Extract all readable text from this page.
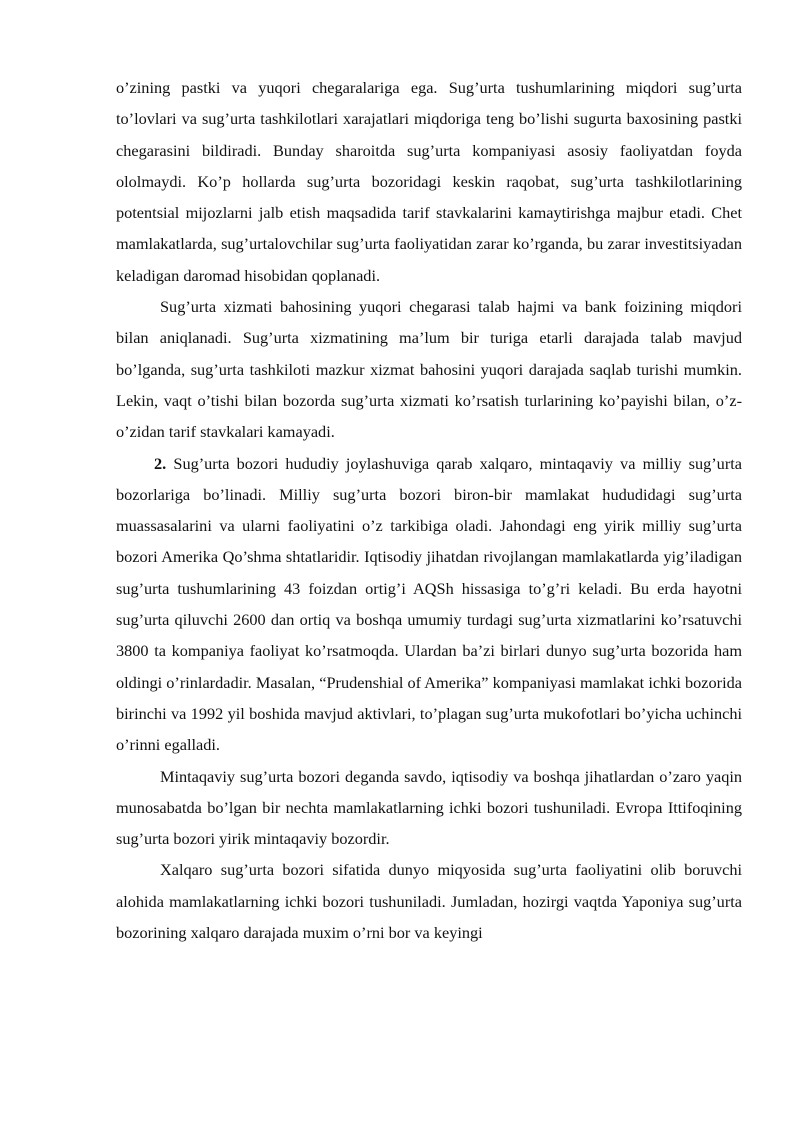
o’zining pastki va yuqori chegaralariga ega. Sug’urta tushumlarining miqdori sug’urta to’lovlari va sug’urta tashkilotlari xarajatlari miqdoriga teng bo’lishi sugurta baxosining pastki chegarasini bildiradi. Bunday sharoitda sug’urta kompaniyasi asosiy faoliyatdan foyda ololmaydi. Ko’p hollarda sug’urta bozoridagi keskin raqobat, sug’urta tashkilotlarining potentsial mijozlarni jalb etish maqsadida tarif stavkalarini kamaytirishga majbur etadi. Chet mamlakatlarda, sug’urtalovchilar sug’urta faoliyatidan zarar ko’rganda, bu zarar investitsiyadan keladigan daromad hisobidan qoplanadi.

Sug’urta xizmati bahosining yuqori chegarasi talab hajmi va bank foizining miqdori bilan aniqlanadi. Sug’urta xizmatining ma’lum bir turiga etarli darajada talab mavjud bo’lganda, sug’urta tashkiloti mazkur xizmat bahosini yuqori darajada saqlab turishi mumkin. Lekin, vaqt o’tishi bilan bozorda sug’urta xizmati ko’rsatish turlarining ko’payishi bilan, o’z-o’zidan tarif stavkalari kamayadi.

2. Sug’urta bozori hududiy joylashuviga qarab xalqaro, mintaqaviy va milliy sug’urta bozorlariga bo’linadi. Milliy sug’urta bozori biron-bir mamlakat hududidagi sug’urta muassasalarini va ularni faoliyatini o’z tarkibiga oladi. Jahondagi eng yirik milliy sug’urta bozori Amerika Qo’shma shtatlaridir. Iqtisodiy jihatdan rivojlangan mamlakatlarda yig’iladigan sug’urta tushumlarining 43 foizdan ortig’i AQSh hissasiga to’g’ri keladi. Bu erda hayotni sug’urta qiluvchi 2600 dan ortiq va boshqa umumiy turdagi sug’urta xizmatlarini ko’rsatuvchi 3800 ta kompaniya faoliyat ko’rsatmoqda. Ulardan ba’zi birlari dunyo sug’urta bozorida ham oldingi o’rinlardadir. Masalan, “Prudenshial of Amerika” kompaniyasi mamlakat ichki bozorida birinchi va 1992 yil boshida mavjud aktivlari, to’plagan sug’urta mukofotlari bo’yicha uchinchi o’rinni egalladi.

Mintaqaviy sug’urta bozori deganda savdo, iqtisodiy va boshqa jihatlardan o’zaro yaqin munosabatda bo’lgan bir nechta mamlakatlarning ichki bozori tushuniladi. Evropa Ittifoqining sug’urta bozori yirik mintaqaviy bozordir.

Xalqaro sug’urta bozori sifatida dunyo miqyosida sug’urta faoliyatini olib boruvchi alohida mamlakatlarning ichki bozori tushuniladi. Jumladan, hozirgi vaqtda Yaponiya sug’urta bozorining xalqaro darajada muxim o’rni bor va keyingi
